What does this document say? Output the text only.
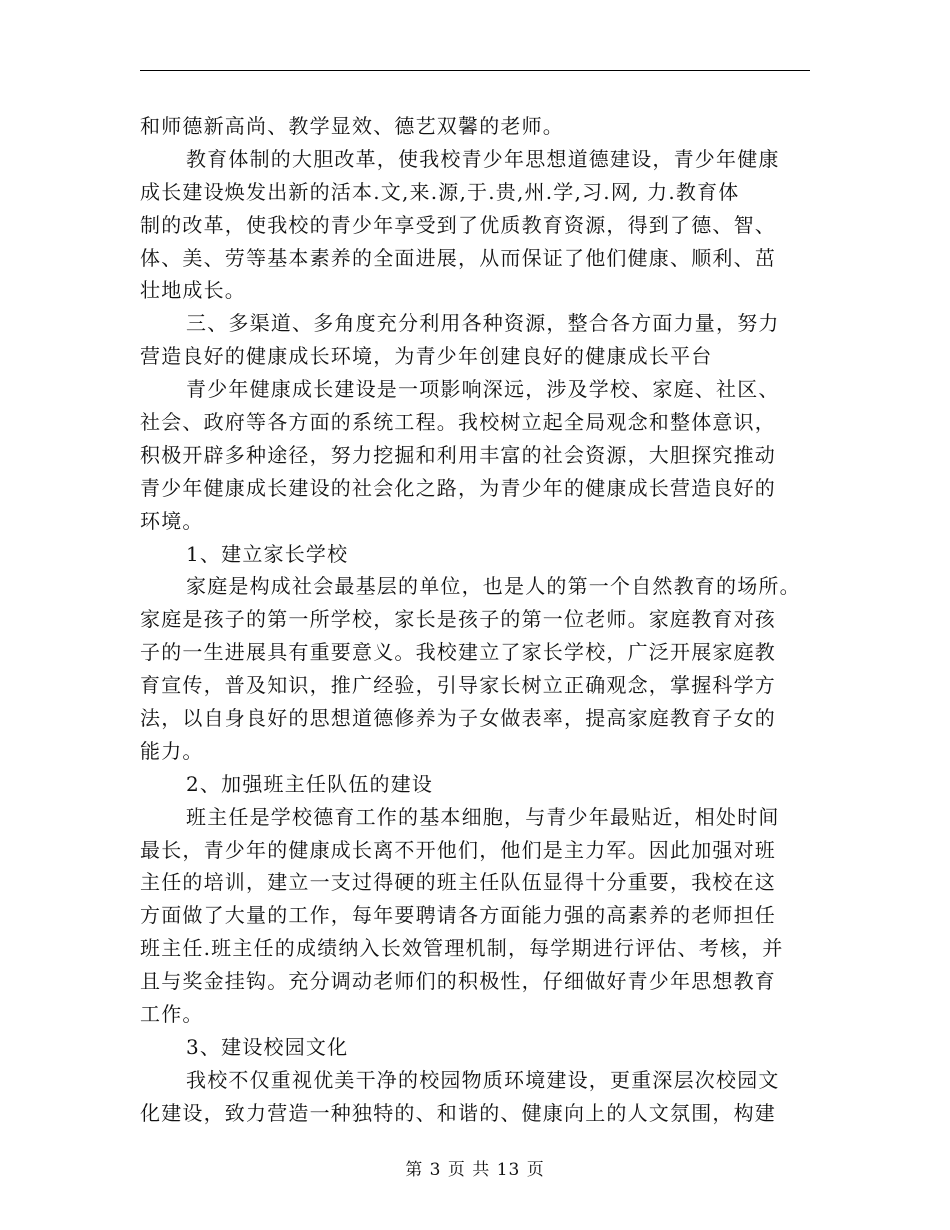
和师德新高尚、教学显效、德艺双馨的老师。
教育体制的大胆改革，使我校青少年思想道德建设，青少年健康
成长建设焕发出新的活本.文,来.源,于.贵,州.学,习.网, 力.教育体
制的改革，使我校的青少年享受到了优质教育资源，得到了德、智、
体、美、劳等基本素养的全面进展，从而保证了他们健康、顺利、茁
壮地成长。
三、多渠道、多角度充分利用各种资源，整合各方面力量，努力
营造良好的健康成长环境，为青少年创建良好的健康成长平台
青少年健康成长建设是一项影响深远，涉及学校、家庭、社区、
社会、政府等各方面的系统工程。我校树立起全局观念和整体意识，
积极开辟多种途径，努力挖掘和利用丰富的社会资源，大胆探究推动
青少年健康成长建设的社会化之路，为青少年的健康成长营造良好的
环境。
1、建立家长学校
家庭是构成社会最基层的单位，也是人的第一个自然教育的场所。
家庭是孩子的第一所学校，家长是孩子的第一位老师。家庭教育对孩
子的一生进展具有重要意义。我校建立了家长学校，广泛开展家庭教
育宣传，普及知识，推广经验，引导家长树立正确观念，掌握科学方
法，以自身良好的思想道德修养为子女做表率，提高家庭教育子女的
能力。
2、加强班主任队伍的建设
班主任是学校德育工作的基本细胞，与青少年最贴近，相处时间
最长，青少年的健康成长离不开他们，他们是主力军。因此加强对班
主任的培训，建立一支过得硬的班主任队伍显得十分重要，我校在这
方面做了大量的工作，每年要聘请各方面能力强的高素养的老师担任
班主任.班主任的成绩纳入长效管理机制，每学期进行评估、考核，并
且与奖金挂钩。充分调动老师们的积极性，仔细做好青少年思想教育
工作。
3、建设校园文化
我校不仅重视优美干净的校园物质环境建设，更重深层次校园文
化建设，致力营造一种独特的、和谐的、健康向上的人文氛围，构建
第 3 页 共 13 页
